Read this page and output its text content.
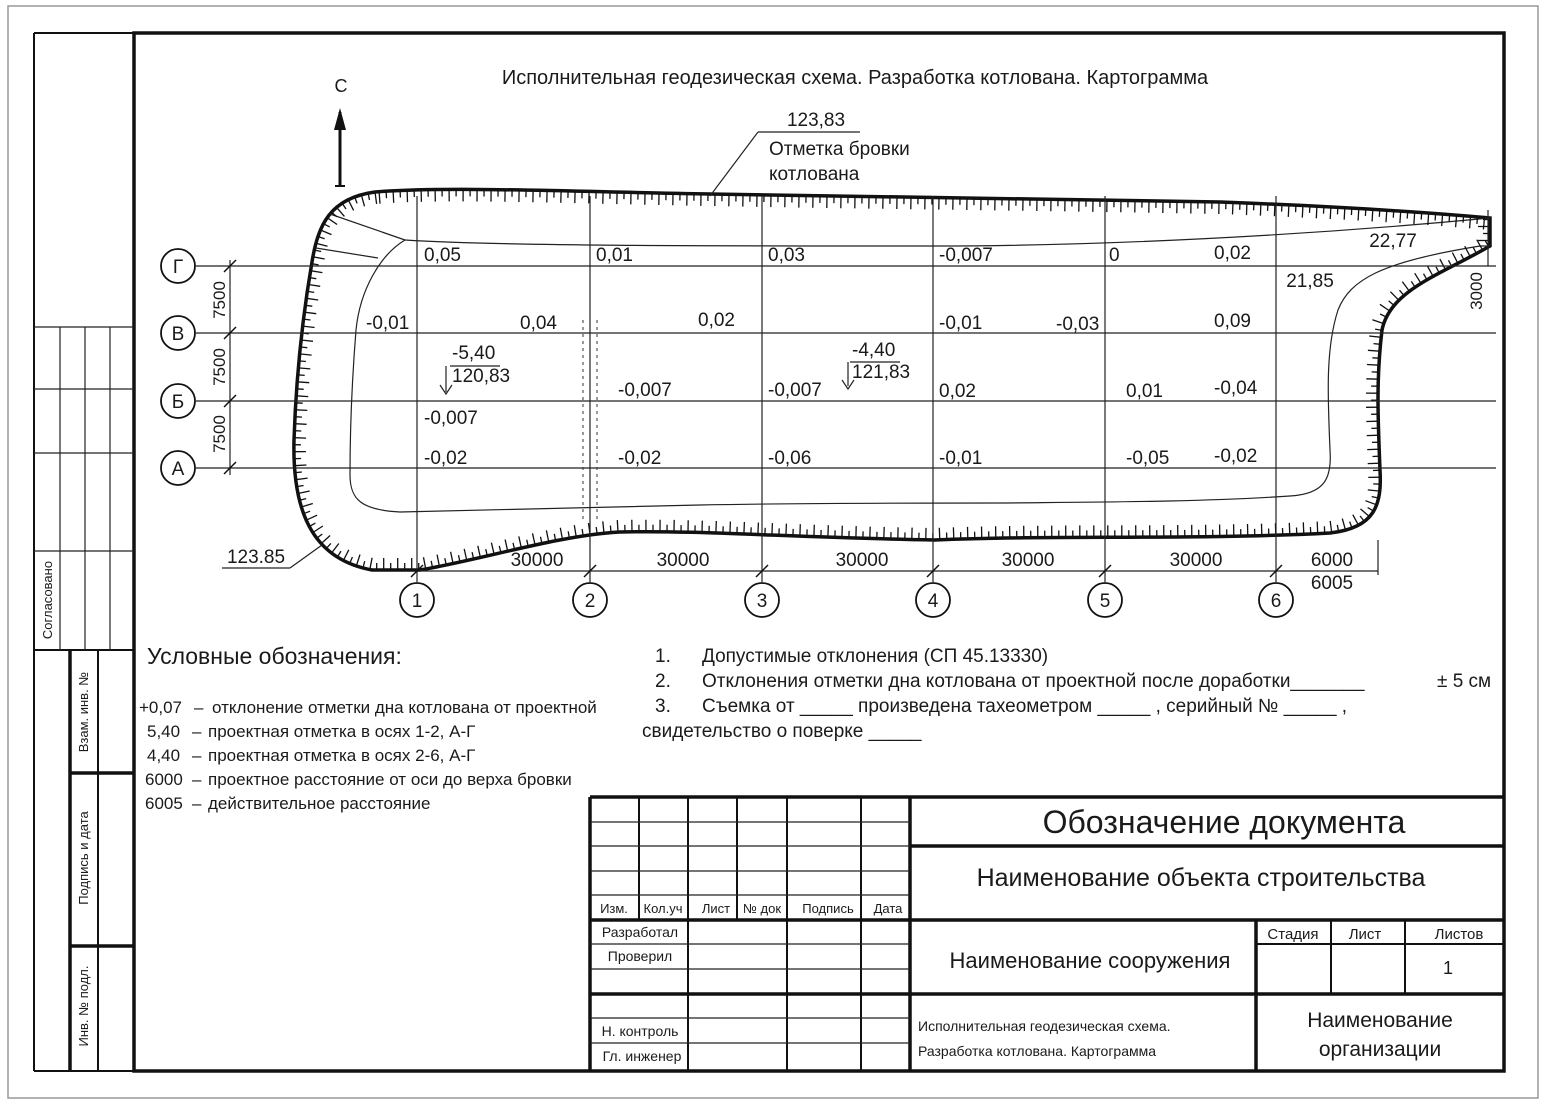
Согласовано
Взам. инв. №
Подпись и дата
Инв. № подл.
Исполнительная геодезическая схема. Разработка котлована. Картограмма
С
Г
В
Б
А
7500
7500
7500
1	2	3	4	5	6
30000	30000	30000	30000	30000	6000
6005
123,83
Отметка бровки
котлована
123.85
3000
22,77
21,85
0,05	0,01	0,03	-0,007	0	0,02
-0,01	0,04	0,02	-0,01	-0,03	0,09
-0,007
-0,007	-0,007	0,02	0,01	-0,04
-0,02	-0,02	-0,06	-0,01	-0,05 -0,02
-5,40
120,83
-4,40
121,83
Условные обозначения:
+0,07 – отклонение отметки дна котлована от проектной
5,40 – проектная отметка в осях 1-2, А-Г
4,40 – проектная отметка в осях 2-6, А-Г
6000 – проектное расстояние от оси до верха бровки
6005 – действительное расстояние
1. Допустимые отклонения (СП 45.13330)
2. Отклонения отметки дна котлована от проектной после доработки_______	± 5 см
3. Съемка от _____ произведена тахеометром _____ , серийный № _____ ,
свидетельство о поверке _____
Изм. Кол.уч Лист № док Подпись Дата
Разработал
Проверил
Н. контроль
Гл. инженер
Обозначение документа
Наименование объекта строительства
Наименование сооружения
Исполнительная геодезическая схема.
Разработка котлована. Картограмма
Наименование
организации
Стадия Лист	Листов
1
